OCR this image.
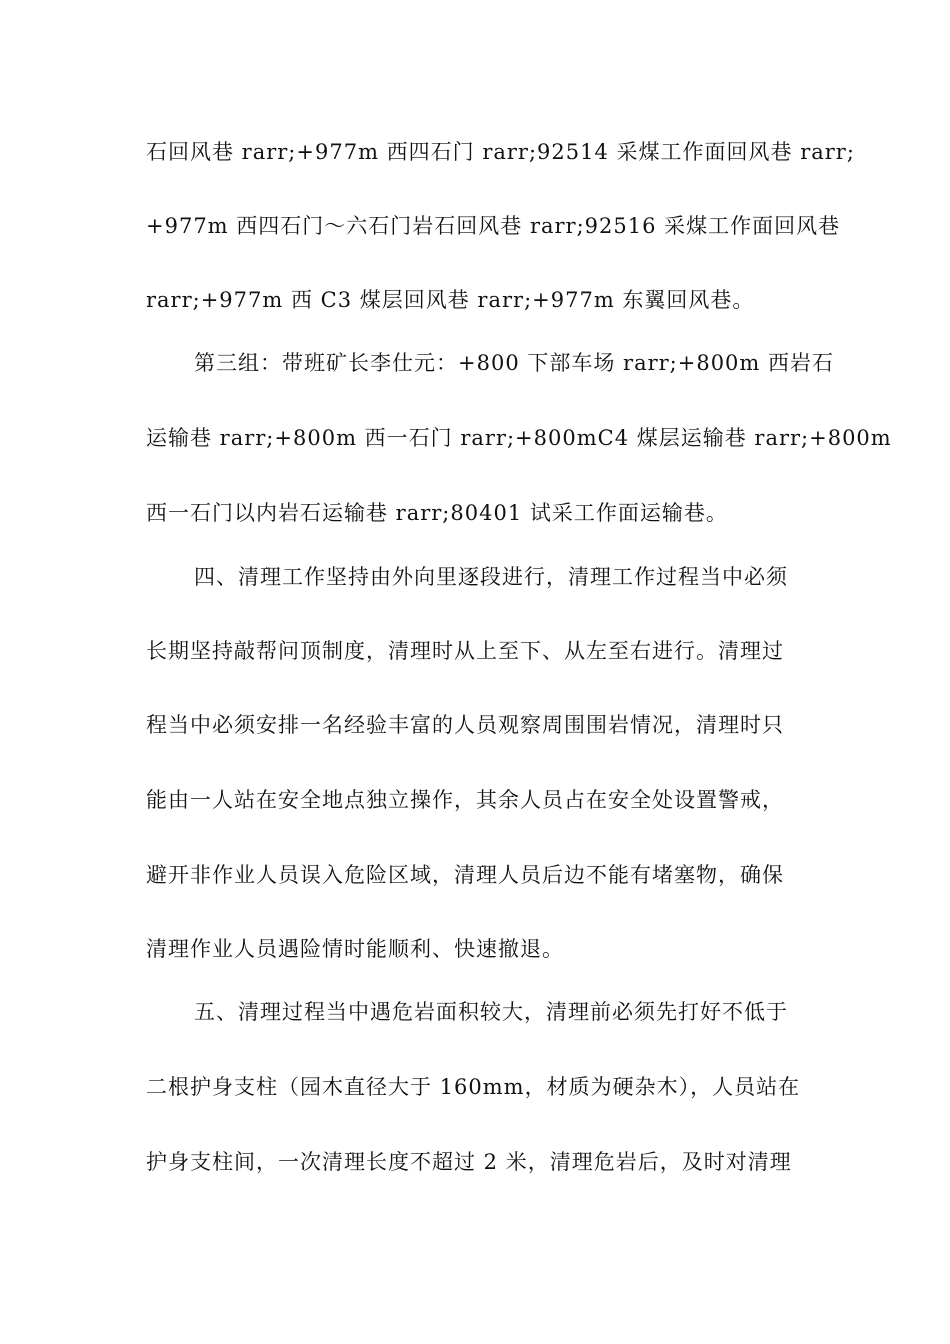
石回风巷 rarr;+977m 西四石门 rarr;92514 采煤工作面回风巷 rarr;
+977m 西四石门～六石门岩石回风巷 rarr;92516 采煤工作面回风巷
rarr;+977m 西 C3 煤层回风巷 rarr;+977m 东翼回风巷。
第三组：带班矿长李仕元：+800 下部车场 rarr;+800m 西岩石
运输巷 rarr;+800m 西一石门 rarr;+800mC4 煤层运输巷 rarr;+800m
西一石门以内岩石运输巷 rarr;80401 试采工作面运输巷。
四、清理工作坚持由外向里逐段进行，清理工作过程当中必须
长期坚持敲帮问顶制度，清理时从上至下、从左至右进行。清理过
程当中必须安排一名经验丰富的人员观察周围围岩情况，清理时只
能由一人站在安全地点独立操作，其余人员占在安全处设置警戒，
避开非作业人员误入危险区域，清理人员后边不能有堵塞物，确保
清理作业人员遇险情时能顺利、快速撤退。
五、清理过程当中遇危岩面积较大，清理前必须先打好不低于
二根护身支柱（园木直径大于 160mm，材质为硬杂木），人员站在
护身支柱间，一次清理长度不超过 2 米，清理危岩后，及时对清理
